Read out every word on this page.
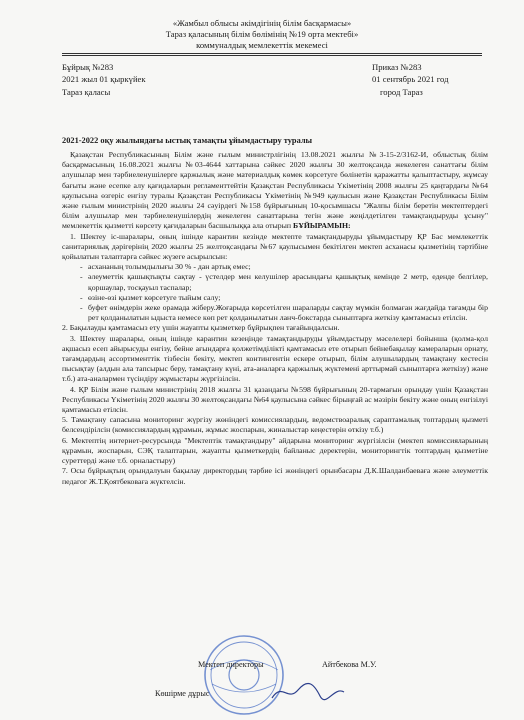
«Жамбыл облысы әкімдігінің білім басқармасы»
Тараз қаласының білім бөлімінің №19 орта мектебі»
коммуналдық мемлекеттік мекемесі
Бұйрық №283
2021 жыл 01 қыркүйек
Тараз қаласы
Приказ №283
01 сентябрь 2021 год
город Тараз
2021-2022 оқу жылындағы ыстық тамақты ұйымдастыру туралы

Қазақстан Республикасының Білім және ғылым министрлігінің 13.08.2021 жылғы №3-15-2/3162-И, облыстық білім басқармасының 16.08.2021 жылғы №03-4644 хаттарына сәйкес 2020 жылғы 30 желтоқсанда жекелеген санаттағы білім алушылар мен тәрбиеленушілерге қаржылық және материалдық көмек көрсетуге бөлінетін қаражатты қалыптастыру, жұмсау бағыты және есепке алу қағидаларын регламенттейтін Қазақстан Республикасы Үкіметінің 2008 жылғы 25 қаңтардағы №64 қаулысына өзгеріс енгізу туралы Қазақстан Республикасы Үкіметінің №949 қаулысын және Қазақстан Республикасы Білім және ғылым министрінің 2020 жылғы 24 сәуірдегі №158 бұйрығының 10-қосымшасы "Жалпы білім беретін мектептердегі білім алушылар мен тәрбиеленушілердің жекелеген санаттарына тегін және жеңілдетілген тамақтандыруды ұсыну" мемлекеттік қызметті көрсету қағидаларын басшылыққа ала отырып БҰЙЫРАМЫН:

1. Шектеу іс-шаралары, оның ішінде карантин кезінде мектепте тамақтандыруды ұйымдастыру ҚР Бас мемлекеттік санитариялық дәрігерінің 2020 жылғы 25 желтоқсандағы №67 қаулысымен бекітілген мектеп асханасы қызметінің тәртібіне қойылатын талаптарға сәйкес жүзеге асырылсын:

- асхананың толымдылығы 30 % - дан артық емес;
- әлеуметтік қашықтықты сақтау - үстелдер мен келушілер арасындағы қашықтық кемінде 2 метр, еденде белгілер, қоршаулар, тосқауыл таспалар;
- өзіне-өзі қызмет көрсетуге тыйым салу;
- буфет өнімдерін жеке орамада жіберу.Жоғарыда көрсетілген шараларды сақтау мүмкін болмаған жағдайда тағамды бір рет қолданылатын ыдыста немесе көп рет қолданылатын ланч-бокстарда сыныптарға жеткізу қамтамасыз етілсін.

2. Бақылауды қамтамасыз ету үшін жауапты қызметкер бұйрықпен тағайындалсын.

3. Шектеу шаралары, оның ішінде карантин кезеңінде тамақтандыруды ұйымдастыру мәселелері бойынша (қолма-қол ақшасыз есеп айырысуды енгізу, бейне ағындарға қолжетімділікті қамтамасыз ете отырып бейнебақылау камераларын орнату, тағамдардың ассортименттік тізбесін бекіту, мектеп контингентін ескере отырып, білім алушылардың тамақтану кестесін пысықтау (алдын ала тапсырыс беру, тамақтану күні, ата-аналарға қаржылық жүктемені арттырмай сыныптарға жеткізу) және т.б.) ата-аналармен түсіндіру жұмыстары жүргізілсін.

4. ҚР Білім және ғылым министрінің 2018 жылғы 31 қазандағы №598 бұйрығының 20-тармағын орындау үшін Қазақстан Республикасы Үкіметінің 2020 жылғы 30 желтоқсандағы №64 қаулысына сәйкес бірыңғай ас мәзірін бекіту және оның енгізілуі қамтамасыз етілсін.

5. Тамақтану сапасына мониторинг жүргізу жөніндегі комиссиялардың, ведомствоаралық сараптамалық топтардың қызметі белсендірілсін (комиссиялардың құрамын, жұмыс жоспарын, жиналыстар кеңестерін өткізу т.б.)

6. Мектептің интернет-ресурсында "Мектептік тамақтандыру" айдарына мониторинг жүргізілсін (мектеп комиссияларының құрамын, жоспарын, СЭҚ талаптарын, жауапты қызметкердің байланыс деректерін, мониторингтік топтардың қызметіне суреттерді және т.б. орналастыру)

7. Осы бұйрықтың орындалуын бақылау директордың тәрбие ісі жөніндегі орынбасары Д.К.Шалданбаеваға және әлеуметтік педагог Ж.Т.Қоятбековаға жүктелсін.

Мектеп директоры	Айтбекова М.У.
Көшірме дұрыс
